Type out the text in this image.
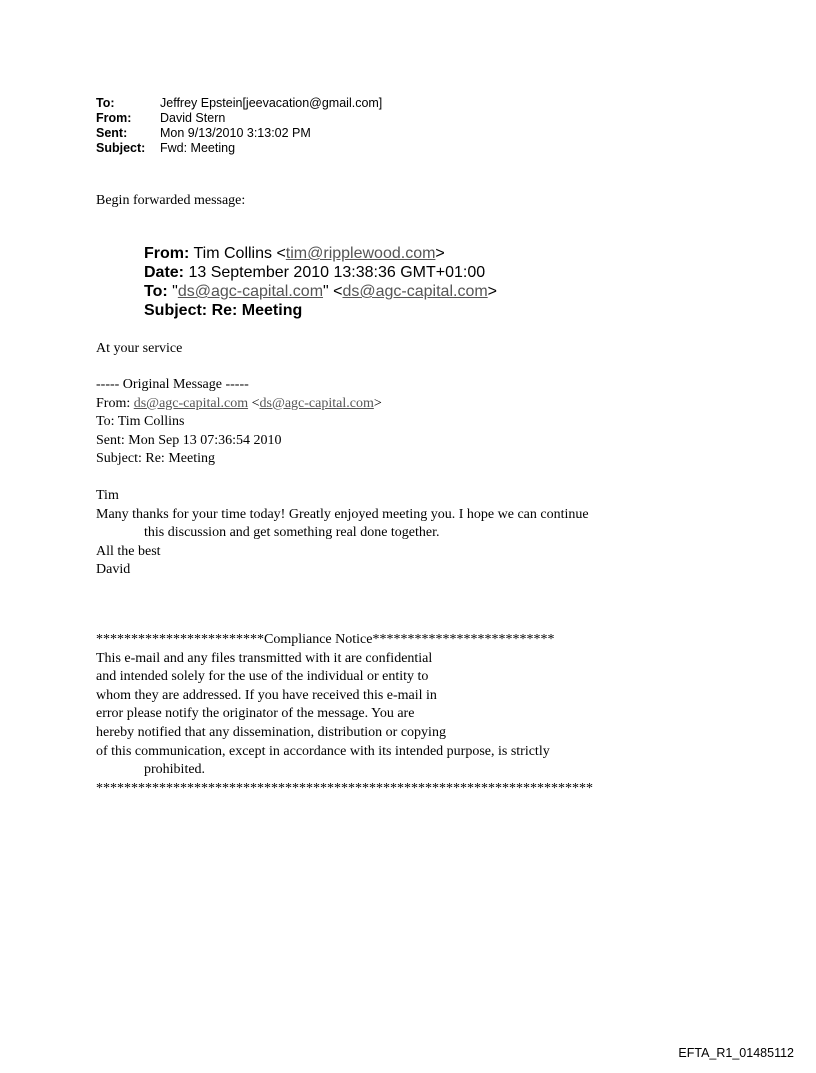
To:	Jeffrey Epstein[jeevacation@gmail.com]
From:	David Stern
Sent:	Mon 9/13/2010 3:13:02 PM
Subject:	Fwd: Meeting

Begin forwarded message:

From: Tim Collins <tim@ripplewood.com>
Date: 13 September 2010 13:38:36 GMT+01:00
To: "ds@agc-capital.com" <ds@agc-capital.com>
Subject: Re: Meeting

At your service

----- Original Message -----
From: ds@agc-capital.com <ds@agc-capital.com>
To: Tim Collins
Sent: Mon Sep 13 07:36:54 2010
Subject: Re: Meeting
Tim
Many thanks for your time today! Greatly enjoyed meeting you. I hope we can continue
this discussion and get something real done together.
All the best
David
************************Compliance Notice**************************
This e-mail and any files transmitted with it are confidential
and intended solely for the use of the individual or entity to
whom they are addressed. If you have received this e-mail in
error please notify the originator of the message. You are
hereby notified that any dissemination, distribution or copying
of this communication, except in accordance with its intended purpose, is strictly
prohibited.
***********************************************************************
EFTA_R1_01485112
